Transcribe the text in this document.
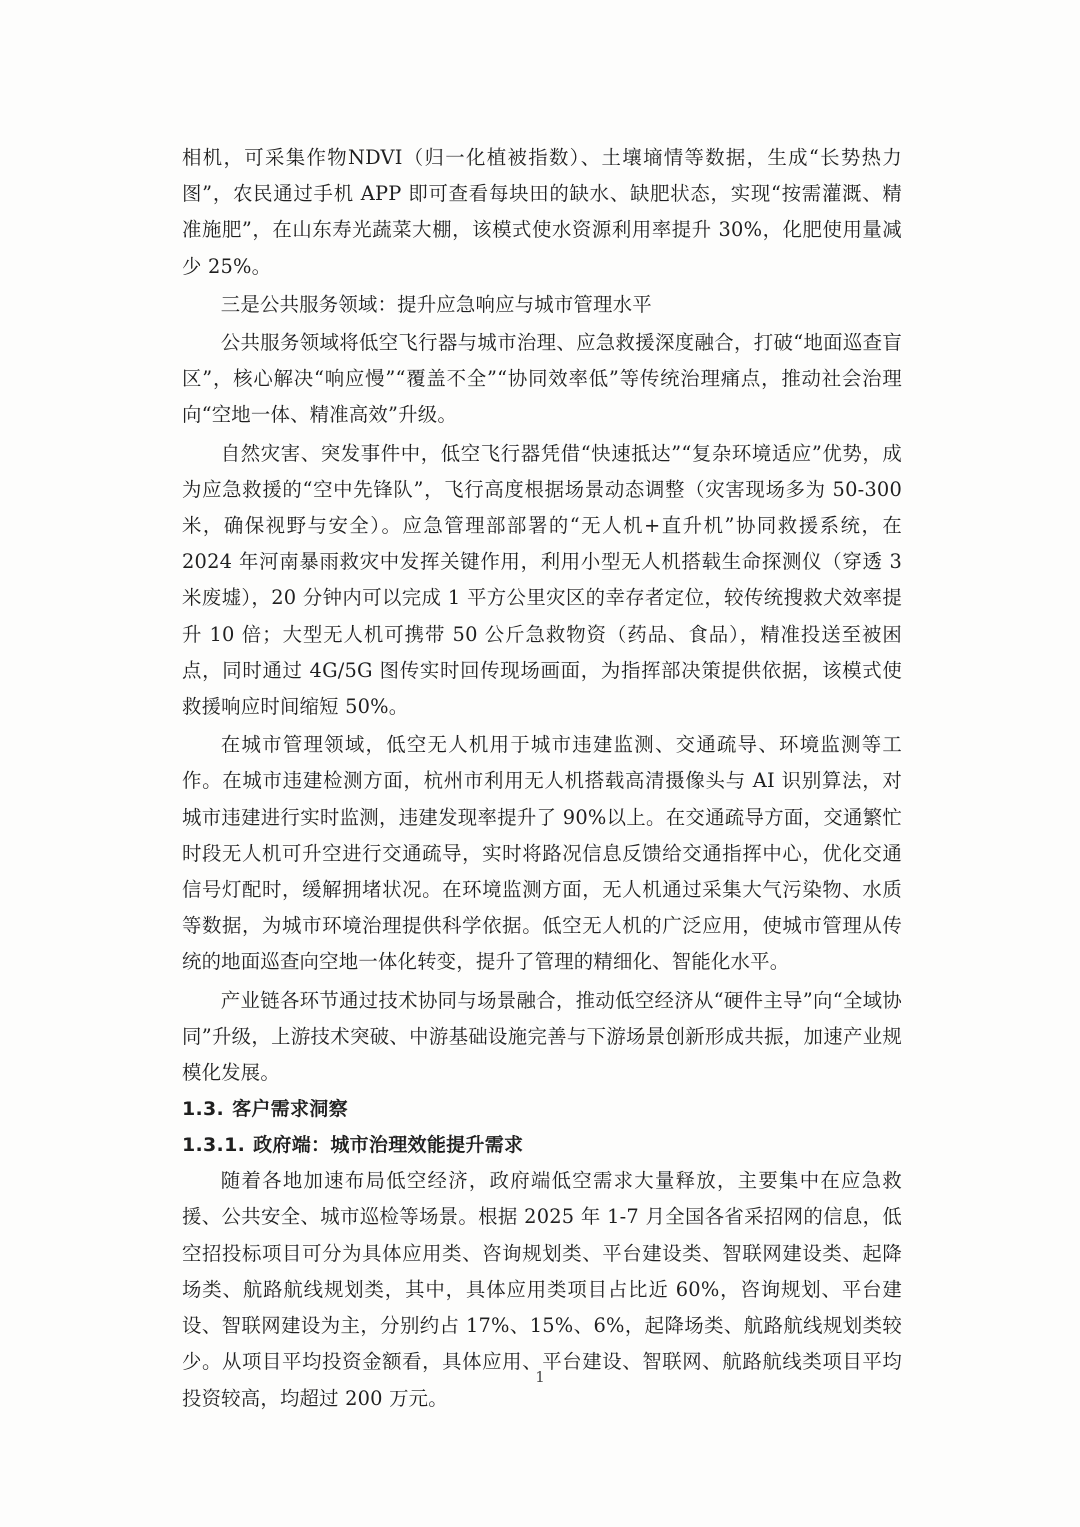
相机，可采集作物NDVI（归一化植被指数）、土壤墒情等数据，生成“长势热力图”，农民通过手机 APP 即可查看每块田的缺水、缺肥状态，实现“按需灌溉、精准施肥”，在山东寿光蔬菜大棚，该模式使水资源利用率提升 30%，化肥使用量减少 25%。

三是公共服务领域：提升应急响应与城市管理水平

公共服务领域将低空飞行器与城市治理、应急救援深度融合，打破“地面巡查盲区”，核心解决“响应慢”“覆盖不全”“协同效率低”等传统治理痛点，推动社会治理向“空地一体、精准高效”升级。

自然灾害、突发事件中，低空飞行器凭借“快速抵达”“复杂环境适应”优势，成为应急救援的“空中先锋队”，飞行高度根据场景动态调整（灾害现场多为 50-300 米，确保视野与安全）。应急管理部部署的“无人机+直升机”协同救援系统，在 2024 年河南暴雨救灾中发挥关键作用，利用小型无人机搭载生命探测仪（穿透 3 米废墟），20 分钟内可以完成 1 平方公里灾区的幸存者定位，较传统搜救犬效率提升 10 倍；大型无人机可携带 50 公斤急救物资（药品、食品），精准投送至被困点，同时通过 4G/5G 图传实时回传现场画面，为指挥部决策提供依据，该模式使救援响应时间缩短 50%。

在城市管理领域，低空无人机用于城市违建监测、交通疏导、环境监测等工作。在城市违建检测方面，杭州市利用无人机搭载高清摄像头与 AI 识别算法，对城市违建进行实时监测，违建发现率提升了 90%以上。在交通疏导方面，交通繁忙时段无人机可升空进行交通疏导，实时将路况信息反馈给交通指挥中心，优化交通信号灯配时，缓解拥堵状况。在环境监测方面，无人机通过采集大气污染物、水质等数据，为城市环境治理提供科学依据。低空无人机的广泛应用，使城市管理从传统的地面巡查向空地一体化转变，提升了管理的精细化、智能化水平。

产业链各环节通过技术协同与场景融合，推动低空经济从“硬件主导”向“全域协同”升级，上游技术突破、中游基础设施完善与下游场景创新形成共振，加速产业规模化发展。

1.3. 客户需求洞察
1.3.1. 政府端：城市治理效能提升需求

随着各地加速布局低空经济，政府端低空需求大量释放，主要集中在应急救援、公共安全、城市巡检等场景。根据 2025 年 1-7 月全国各省采招网的信息，低空招投标项目可分为具体应用类、咨询规划类、平台建设类、智联网建设类、起降场类、航路航线规划类，其中，具体应用类项目占比近 60%，咨询规划、平台建设、智联网建设为主，分别约占 17%、15%、6%，起降场类、航路航线规划类较少。从项目平均投资金额看，具体应用、平台建设、智联网、航路航线类项目平均投资较高，均超过 200 万元。

1
